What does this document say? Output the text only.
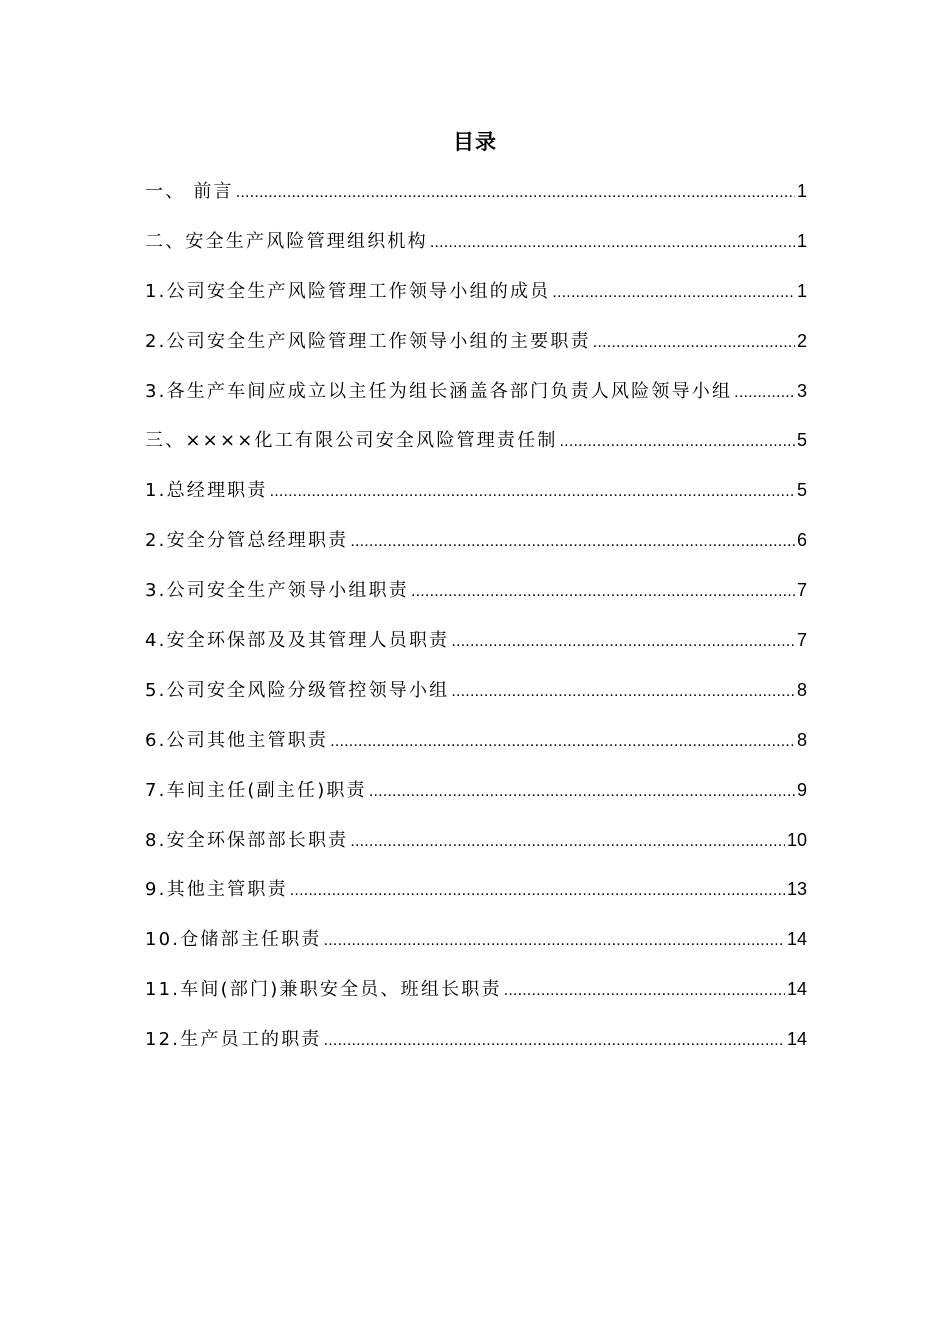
目录
一、 前言 .....	1
二、安全生产风险管理组织机构 .....	1
1.公司安全生产风险管理工作领导小组的成员 .....	1
2.公司安全生产风险管理工作领导小组的主要职责 .....	2
3.各生产车间应成立以主任为组长涵盖各部门负责人风险领导小组 .....	3
三、××××化工有限公司安全风险管理责任制 .....	5
1.总经理职责 .....	5
2.安全分管总经理职责 .....	6
3.公司安全生产领导小组职责 .....	7
4.安全环保部及及其管理人员职责 .....	7
5.公司安全风险分级管控领导小组 .....	8
6.公司其他主管职责 .....	8
7.车间主任(副主任)职责 .....	9
8.安全环保部部长职责 .....	10
9.其他主管职责 .....	13
10.仓储部主任职责 .....	14
11.车间(部门)兼职安全员、班组长职责 .....	14
12.生产员工的职责 .....	14
